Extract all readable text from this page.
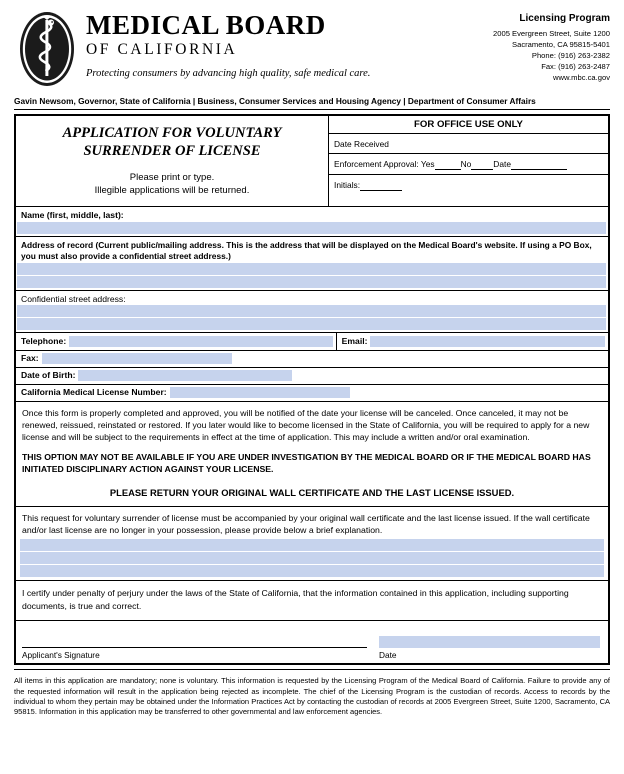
MEDICAL BOARD
OF CALIFORNIA
Protecting consumers by advancing high quality, safe medical care.
Licensing Program
2005 Evergreen Street, Suite 1200
Sacramento, CA 95815-5401
Phone: (916) 263-2382
Fax: (916) 263-2487
www.mbc.ca.gov
Gavin Newsom, Governor, State of California | Business, Consumer Services and Housing Agency | Department of Consumer Affairs
APPLICATION FOR VOLUNTARY
SURRENDER OF LICENSE
Please print or type.
Illegible applications will be returned.
FOR OFFICE USE ONLY
Date Received
Enforcement Approval: Yes	No	Date
Initials:
Name (first, middle, last):
Address of record (Current public/mailing address. This is the address that will be displayed on the Medical Board's website. If using a PO Box, you must also provide a confidential street address.)
Confidential street address:
Telephone:	Email:
Fax:
Date of Birth:
California Medical License Number:
Once this form is properly completed and approved, you will be notified of the date your license will be canceled. Once canceled, it may not be renewed, reissued, reinstated or restored. If you later would like to become licensed in the State of California, you will be required to apply for a new license and will be subject to the requirements in effect at the time of application. This may include a written and/or oral examination.
THIS OPTION MAY NOT BE AVAILABLE IF YOU ARE UNDER INVESTIGATION BY THE MEDICAL BOARD OR IF THE MEDICAL BOARD HAS INITIATED DISCIPLINARY ACTION AGAINST YOUR LICENSE.
PLEASE RETURN YOUR ORIGINAL WALL CERTIFICATE AND THE LAST LICENSE ISSUED.
This request for voluntary surrender of license must be accompanied by your original wall certificate and the last license issued. If the wall certificate and/or last license are no longer in your possession, please provide below a brief explanation.
I certify under penalty of perjury under the laws of the State of California, that the information contained in this application, including supporting documents, is true and correct.
Applicant's Signature	Date
All items in this application are mandatory; none is voluntary. This information is requested by the Licensing Program of the Medical Board of California. Failure to provide any of the requested information will result in the application being rejected as incomplete. The chief of the Licensing Program is the custodian of records. Access to records by the individual to whom they pertain may be obtained under the Information Practices Act by contacting the custodian of records at 2005 Evergreen Street, Suite 1200, Sacramento, CA 95815. Information in this application may be transferred to other governmental and law enforcement agencies.
